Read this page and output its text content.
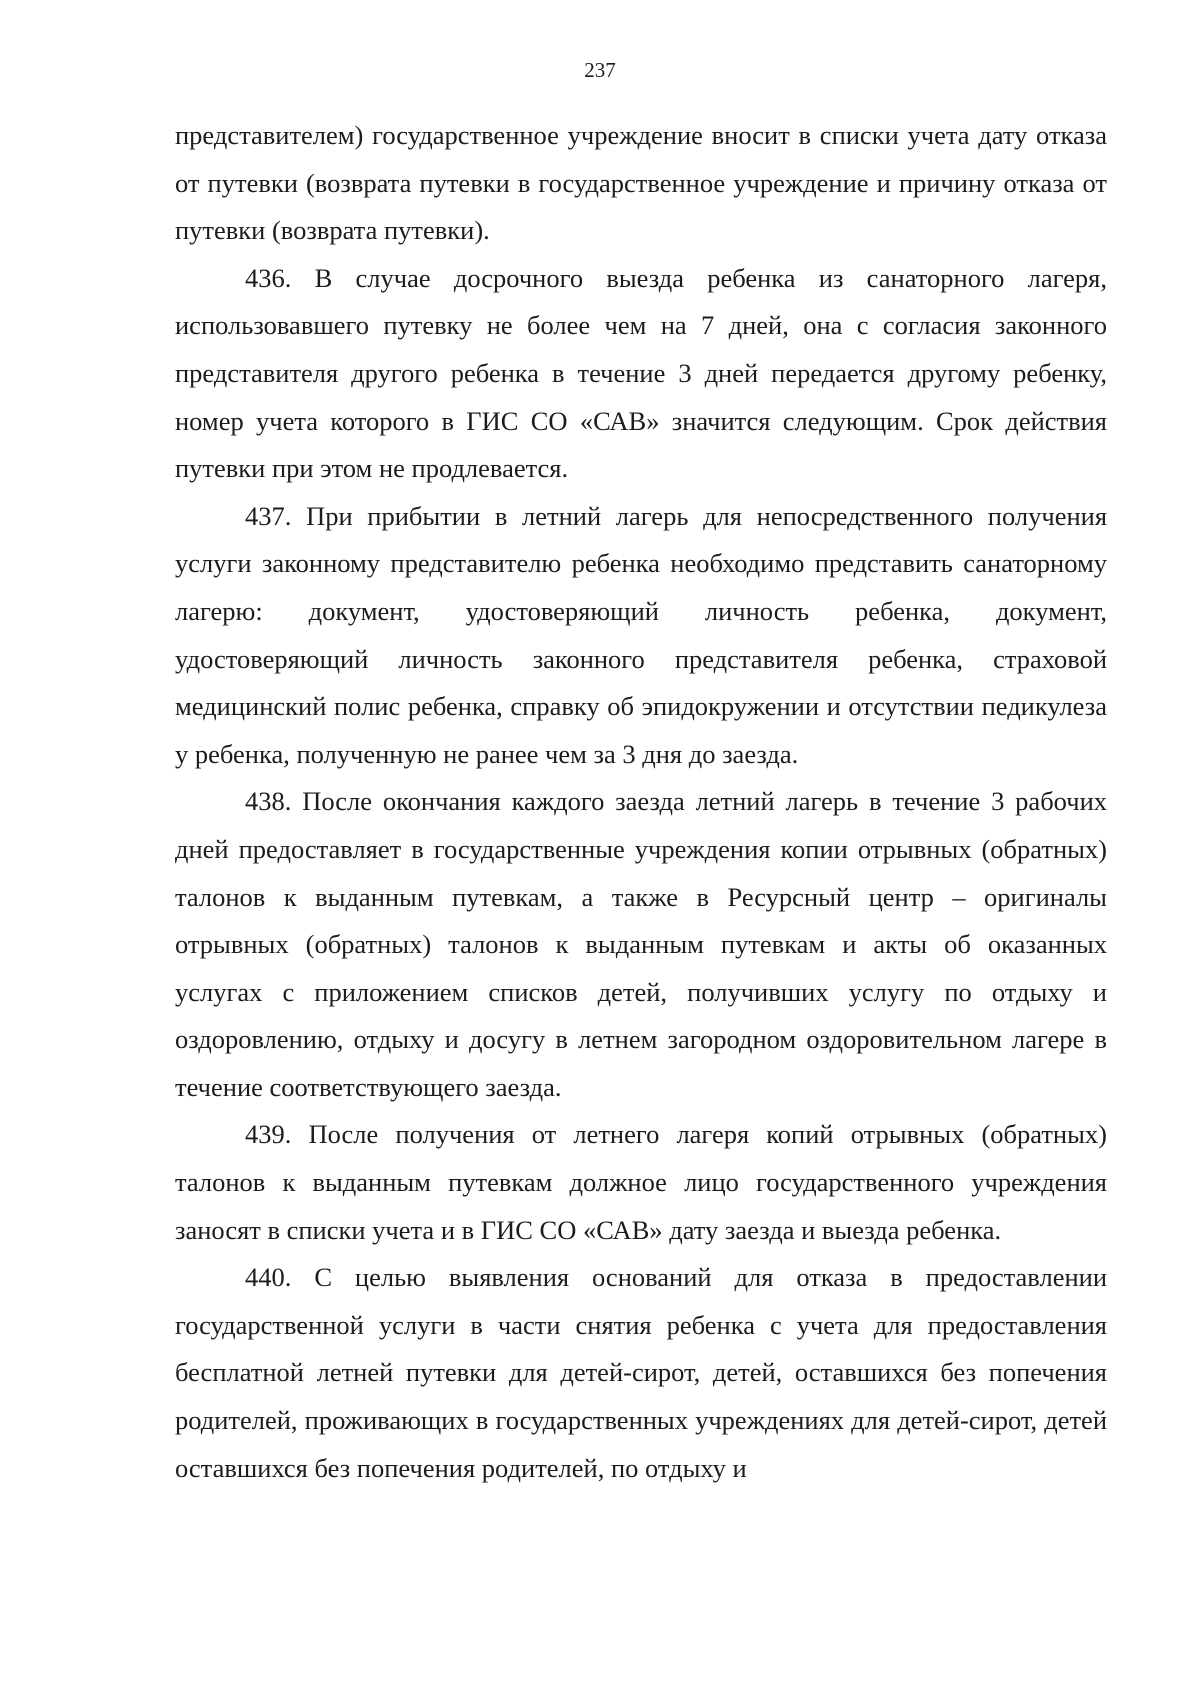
237

представителем) государственное учреждение вносит в списки учета дату отказа от путевки (возврата путевки в государственное учреждение и причину отказа от путевки (возврата путевки).

436. В случае досрочного выезда ребенка из санаторного лагеря, использовавшего путевку не более чем на 7 дней, она с согласия законного представителя другого ребенка в течение 3 дней передается другому ребенку, номер учета которого в ГИС СО «САВ» значится следующим. Срок действия путевки при этом не продлевается.

437. При прибытии в летний лагерь для непосредственного получения услуги законному представителю ребенка необходимо представить санаторному лагерю: документ, удостоверяющий личность ребенка, документ, удостоверяющий личность законного представителя ребенка, страховой медицинский полис ребенка, справку об эпидокружении и отсутствии педикулеза у ребенка, полученную не ранее чем за 3 дня до заезда.

438. После окончания каждого заезда летний лагерь в течение 3 рабочих дней предоставляет в государственные учреждения копии отрывных (обратных) талонов к выданным путевкам, а также в Ресурсный центр – оригиналы отрывных (обратных) талонов к выданным путевкам и акты об оказанных услугах с приложением списков детей, получивших услугу по отдыху и оздоровлению, отдыху и досугу в летнем загородном оздоровительном лагере в течение соответствующего заезда.

439. После получения от летнего лагеря копий отрывных (обратных) талонов к выданным путевкам должное лицо государственного учреждения заносят в списки учета и в ГИС СО «САВ» дату заезда и выезда ребенка.

440. С целью выявления оснований для отказа в предоставлении государственной услуги в части снятия ребенка с учета для предоставления бесплатной летней путевки для детей-сирот, детей, оставшихся без попечения родителей, проживающих в государственных учреждениях для детей-сирот, детей оставшихся без попечения родителей, по отдыху и
